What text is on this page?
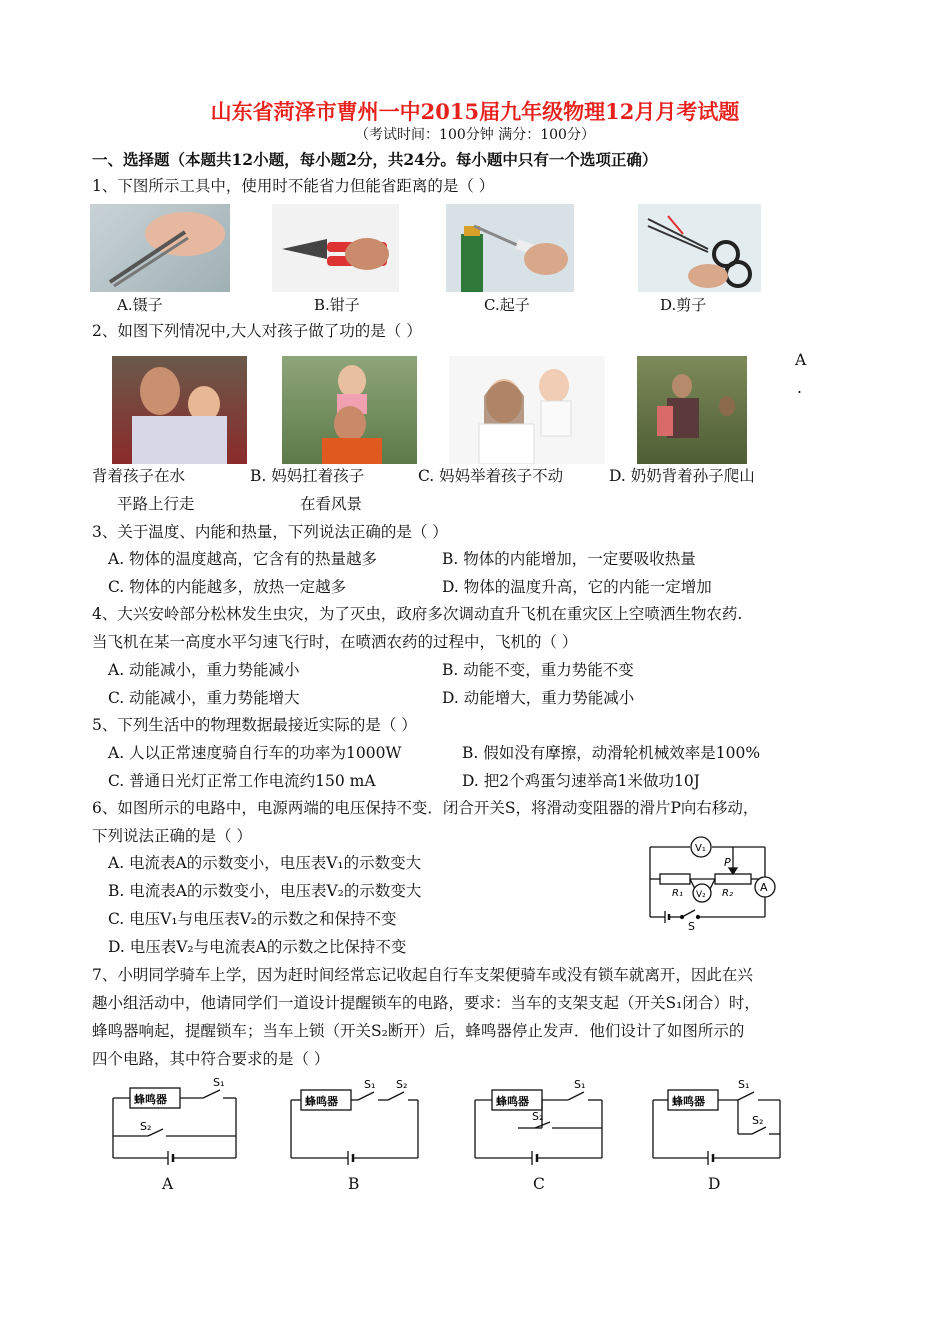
山东省菏泽市曹州一中2015届九年级物理12月月考试题
（考试时间：100分钟 满分：100分）
一、选择题（本题共12小题，每小题2分，共24分。每小题中只有一个选项正确）
1、下图所示工具中，使用时不能省力但能省距离的是（ ）
A.镊子	B.钳子	C.起子	D.剪子
2、如图下列情况中,大人对孩子做了功的是（ ）
A
.
背着孩子在水
平路上行走
B. 妈妈扛着孩子
在看风景
C. 妈妈举着孩子不动	D. 奶奶背着孙子爬山
3、关于温度、内能和热量，下列说法正确的是（ ）
A. 物体的温度越高，它含有的热量越多	B. 物体的内能增加，一定要吸收热量
C. 物体的内能越多，放热一定越多	D. 物体的温度升高，它的内能一定增加
4、大兴安岭部分松林发生虫灾，为了灭虫，政府多次调动直升飞机在重灾区上空喷洒生物农药.
当飞机在某一高度水平匀速飞行时，在喷洒农药的过程中，飞机的（ ）
A. 动能减小，重力势能减小	B. 动能不变，重力势能不变
C. 动能减小，重力势能增大	D. 动能增大，重力势能减小
5、下列生活中的物理数据最接近实际的是（ ）
A. 人以正常速度骑自行车的功率为1000W	B. 假如没有摩擦，动滑轮机械效率是100%
C. 普通日光灯正常工作电流约150 mA	D. 把2个鸡蛋匀速举高1米做功10J
6、如图所示的电路中，电源两端的电压保持不变．闭合开关S，将滑动变阻器的滑片P向右移动，
下列说法正确的是（ ）
A. 电流表A的示数变小，电压表V₁的示数变大
B. 电流表A的示数变小，电压表V₂的示数变大
C. 电压V₁与电压表V₂的示数之和保持不变
D. 电压表V₂与电流表A的示数之比保持不变
V₁
V₂
A
P
R₁	R₂
S
7、小明同学骑车上学，因为赶时间经常忘记收起自行车支架便骑车或没有锁车就离开，因此在兴
趣小组活动中，他请同学们一道设计提醒锁车的电路，要求：当车的支架支起（开关S₁闭合）时，
蜂鸣器响起，提醒锁车；当车上锁（开关S₂断开）后，蜂鸣器停止发声．他们设计了如图所示的
四个电路，其中符合要求的是（ ）
蜂鸣器
S₁
S₂
蜂鸣器
S₁ S₂
蜂鸣器
S₁
S₂
蜂鸣器
S₁
S₂
A	B	C	D
